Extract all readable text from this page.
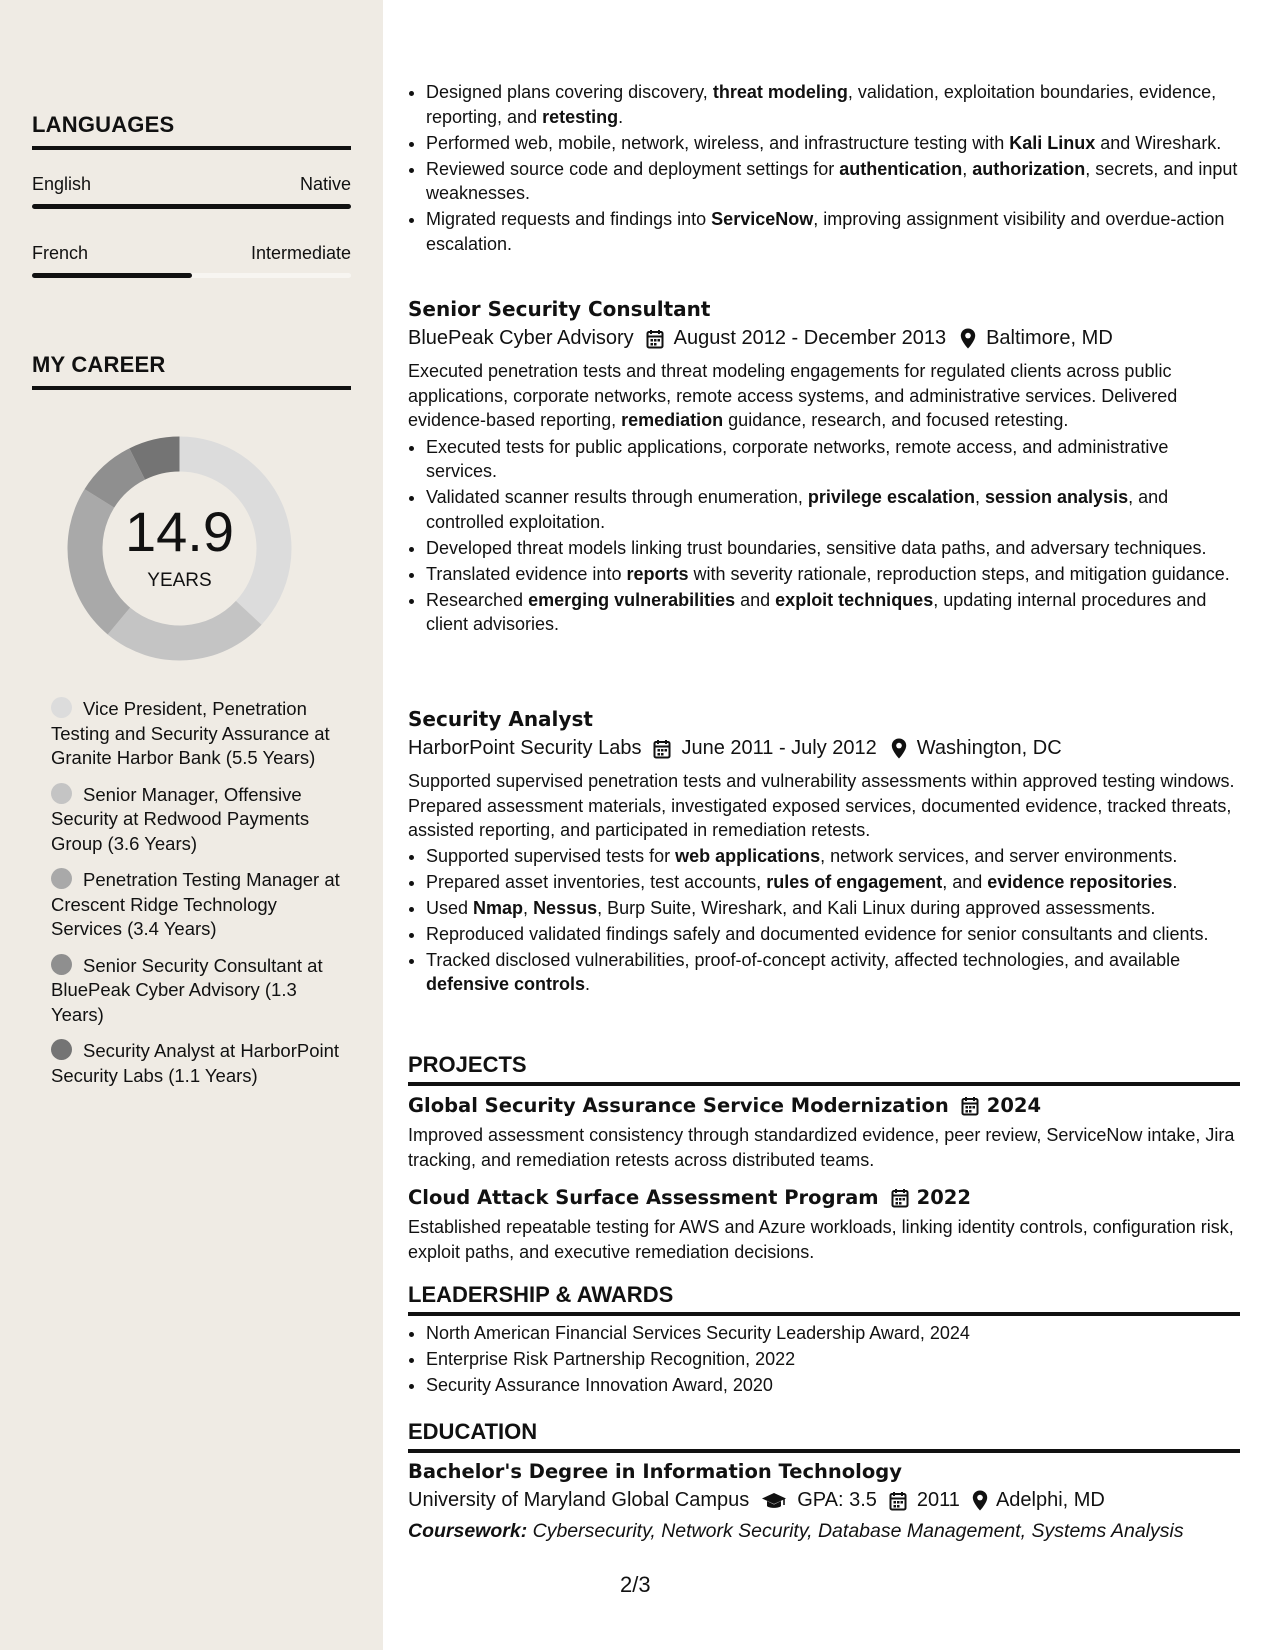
LANGUAGES
English	Native
French	Intermediate
MY CAREER
14.9
YEARS
Vice President, Penetration Testing and Security Assurance at Granite Harbor Bank (5.5 Years)
Senior Manager, Offensive Security at Redwood Payments Group (3.6 Years)
Penetration Testing Manager at Crescent Ridge Technology Services (3.4 Years)
Senior Security Consultant at BluePeak Cyber Advisory (1.3 Years)
Security Analyst at HarborPoint Security Labs (1.1 Years)
• Designed plans covering discovery, threat modeling, validation, exploitation boundaries, evidence, reporting, and retesting.
• Performed web, mobile, network, wireless, and infrastructure testing with Kali Linux and Wireshark.
• Reviewed source code and deployment settings for authentication, authorization, secrets, and input weaknesses.
• Migrated requests and findings into ServiceNow, improving assignment visibility and overdue-action escalation.
Senior Security Consultant
BluePeak Cyber Advisory August 2012 - December 2013 Baltimore, MD
Executed penetration tests and threat modeling engagements for regulated clients across public applications, corporate networks, remote access systems, and administrative services. Delivered evidence-based reporting, remediation guidance, research, and focused retesting.
• Executed tests for public applications, corporate networks, remote access, and administrative services.
• Validated scanner results through enumeration, privilege escalation, session analysis, and controlled exploitation.
• Developed threat models linking trust boundaries, sensitive data paths, and adversary techniques.
• Translated evidence into reports with severity rationale, reproduction steps, and mitigation guidance.
• Researched emerging vulnerabilities and exploit techniques, updating internal procedures and client advisories.
Security Analyst
HarborPoint Security Labs June 2011 - July 2012 Washington, DC
Supported supervised penetration tests and vulnerability assessments within approved testing windows. Prepared assessment materials, investigated exposed services, documented evidence, tracked threats, assisted reporting, and participated in remediation retests.
• Supported supervised tests for web applications, network services, and server environments.
• Prepared asset inventories, test accounts, rules of engagement, and evidence repositories.
• Used Nmap, Nessus, Burp Suite, Wireshark, and Kali Linux during approved assessments.
• Reproduced validated findings safely and documented evidence for senior consultants and clients.
• Tracked disclosed vulnerabilities, proof-of-concept activity, affected technologies, and available defensive controls.
PROJECTS
Global Security Assurance Service Modernization 2024
Improved assessment consistency through standardized evidence, peer review, ServiceNow intake, Jira tracking, and remediation retests across distributed teams.
Cloud Attack Surface Assessment Program 2022
Established repeatable testing for AWS and Azure workloads, linking identity controls, configuration risk, exploit paths, and executive remediation decisions.
LEADERSHIP & AWARDS
• North American Financial Services Security Leadership Award, 2024
• Enterprise Risk Partnership Recognition, 2022
• Security Assurance Innovation Award, 2020
EDUCATION
Bachelor's Degree in Information Technology
University of Maryland Global Campus GPA: 3.5 2011 Adelphi, MD
Coursework: Cybersecurity, Network Security, Database Management, Systems Analysis
2/3
